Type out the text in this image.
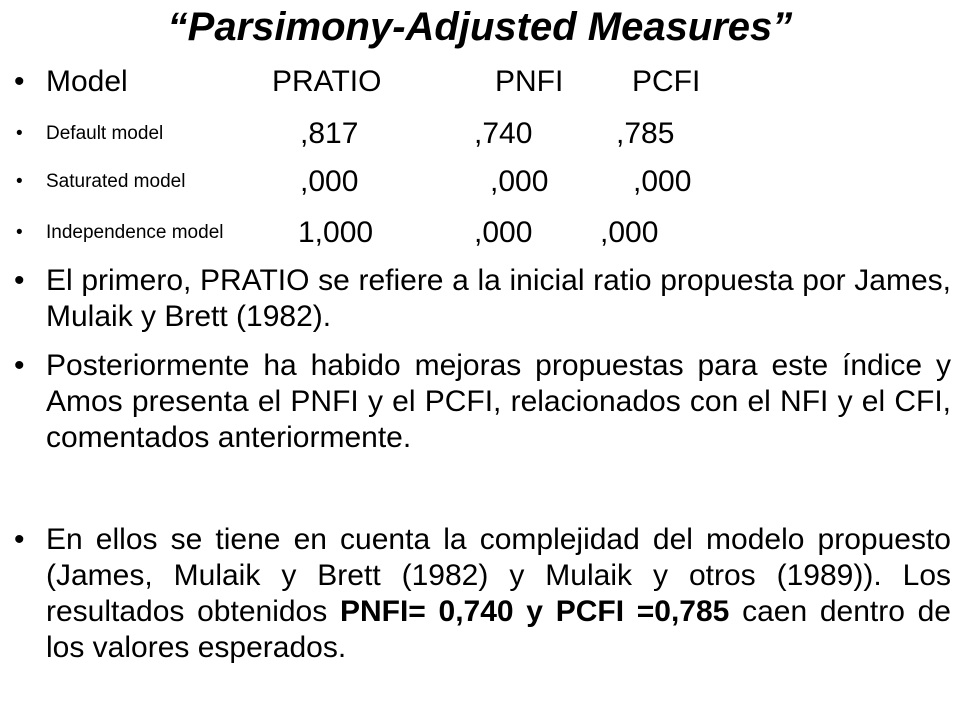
“Parsimony-Adjusted Measures”
• Model	PRATIO	PNFI PCFI
• Default model	,817	,740	,785
• Saturated model	,000	,000	,000
• Independence model 1,000	,000 ,000
• El primero, PRATIO se refiere a la inicial ratio propuesta por James, Mulaik y Brett (1982).
• Posteriormente ha habido mejoras propuestas para este índice y Amos presenta el PNFI y el PCFI, relacionados con el NFI y el CFI, comentados anteriormente.
• En ellos se tiene en cuenta la complejidad del modelo propuesto (James, Mulaik y Brett (1982) y Mulaik y otros (1989)). Los resultados obtenidos PNFI= 0,740 y PCFI =0,785 caen dentro de los valores esperados.
